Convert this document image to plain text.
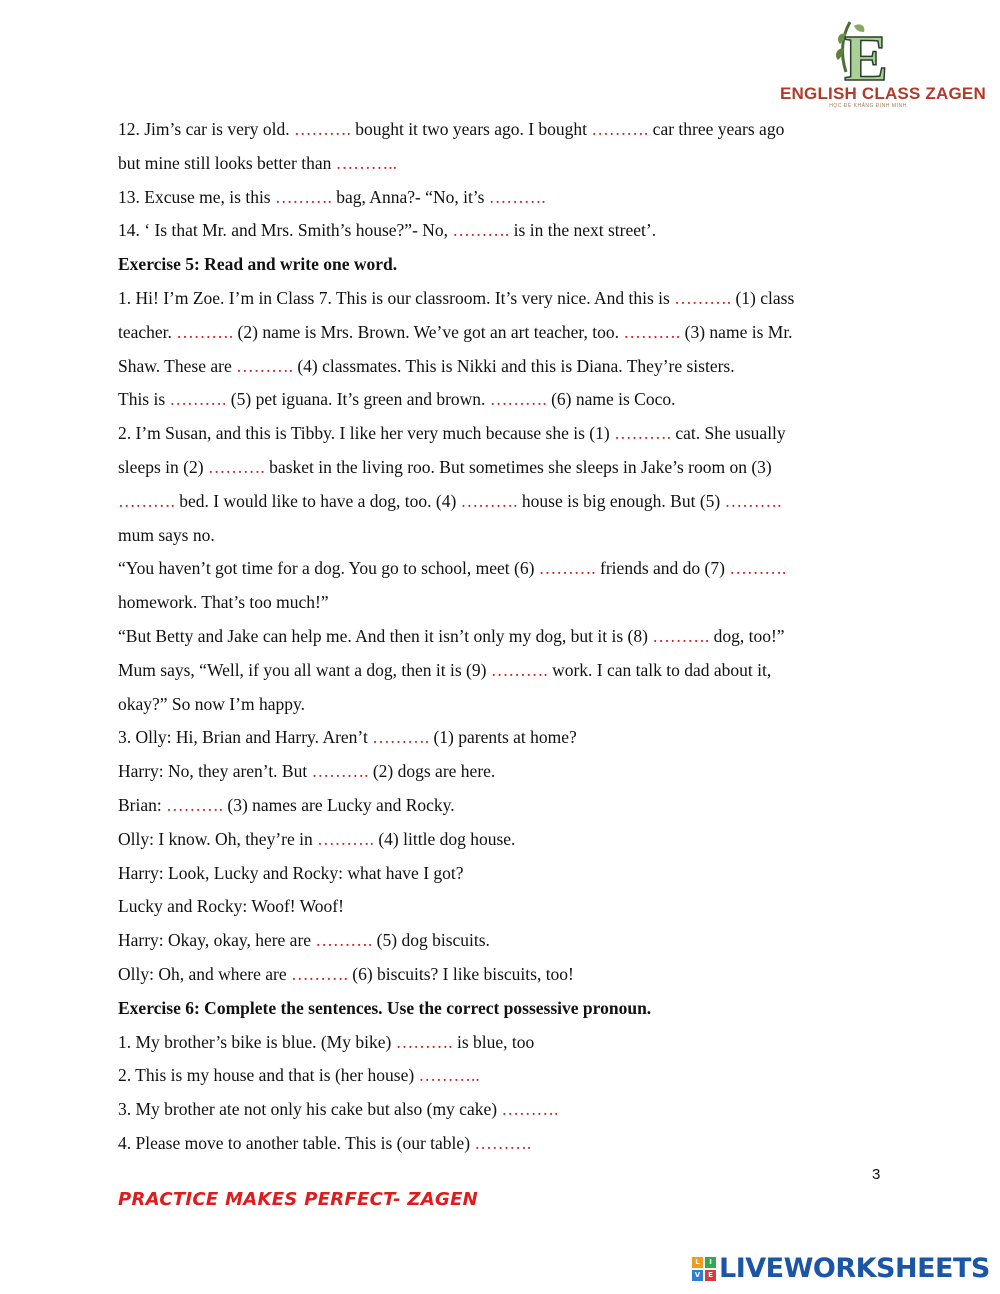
E
ENGLISH CLASS ZAGEN
HỌC ĐỂ KHẲNG ĐỊNH MÌNH
12. Jim’s car is very old. ………. bought it two years ago. I bought ………. car three years ago
but mine still looks better than ………..
13. Excuse me, is this ………. bag, Anna?- “No, it’s ……….
14. ‘ Is that Mr. and Mrs. Smith’s house?”- No, ………. is in the next street’.
Exercise 5: Read and write one word.
1. Hi! I’m Zoe. I’m in Class 7. This is our classroom. It’s very nice. And this is ………. (1) class
teacher. ………. (2) name is Mrs. Brown. We’ve got an art teacher, too. ………. (3) name is Mr.
Shaw. These are ………. (4) classmates. This is Nikki and this is Diana. They’re sisters.
This is ………. (5) pet iguana. It’s green and brown. ………. (6) name is Coco.
2. I’m Susan, and this is Tibby. I like her very much because she is (1) ………. cat. She usually
sleeps in (2) ………. basket in the living roo. But sometimes she sleeps in Jake’s room on (3)
………. bed. I would like to have a dog, too. (4) ………. house is big enough. But (5) ……….
mum says no.
“You haven’t got time for a dog. You go to school, meet (6) ………. friends and do (7) ……….
homework. That’s too much!”
“But Betty and Jake can help me. And then it isn’t only my dog, but it is (8) ………. dog, too!”
Mum says, “Well, if you all want a dog, then it is (9) ………. work. I can talk to dad about it,
okay?” So now I’m happy.
3. Olly: Hi, Brian and Harry. Aren’t ………. (1) parents at home?
Harry: No, they aren’t. But ………. (2) dogs are here.
Brian: ………. (3) names are Lucky and Rocky.
Olly: I know. Oh, they’re in ………. (4) little dog house.
Harry: Look, Lucky and Rocky: what have I got?
Lucky and Rocky: Woof! Woof!
Harry: Okay, okay, here are ………. (5) dog biscuits.
Olly: Oh, and where are ………. (6) biscuits? I like biscuits, too!
Exercise 6: Complete the sentences. Use the correct possessive pronoun.
1. My brother’s bike is blue. (My bike) ………. is blue, too
2. This is my house and that is (her house) ………..
3. My brother ate not only his cake but also (my cake) ……….
4. Please move to another table. This is (our table) ……….
3
PRACTICE MAKES PERFECT- ZAGEN
L	I
V	E LIVEWORKSHEETS
